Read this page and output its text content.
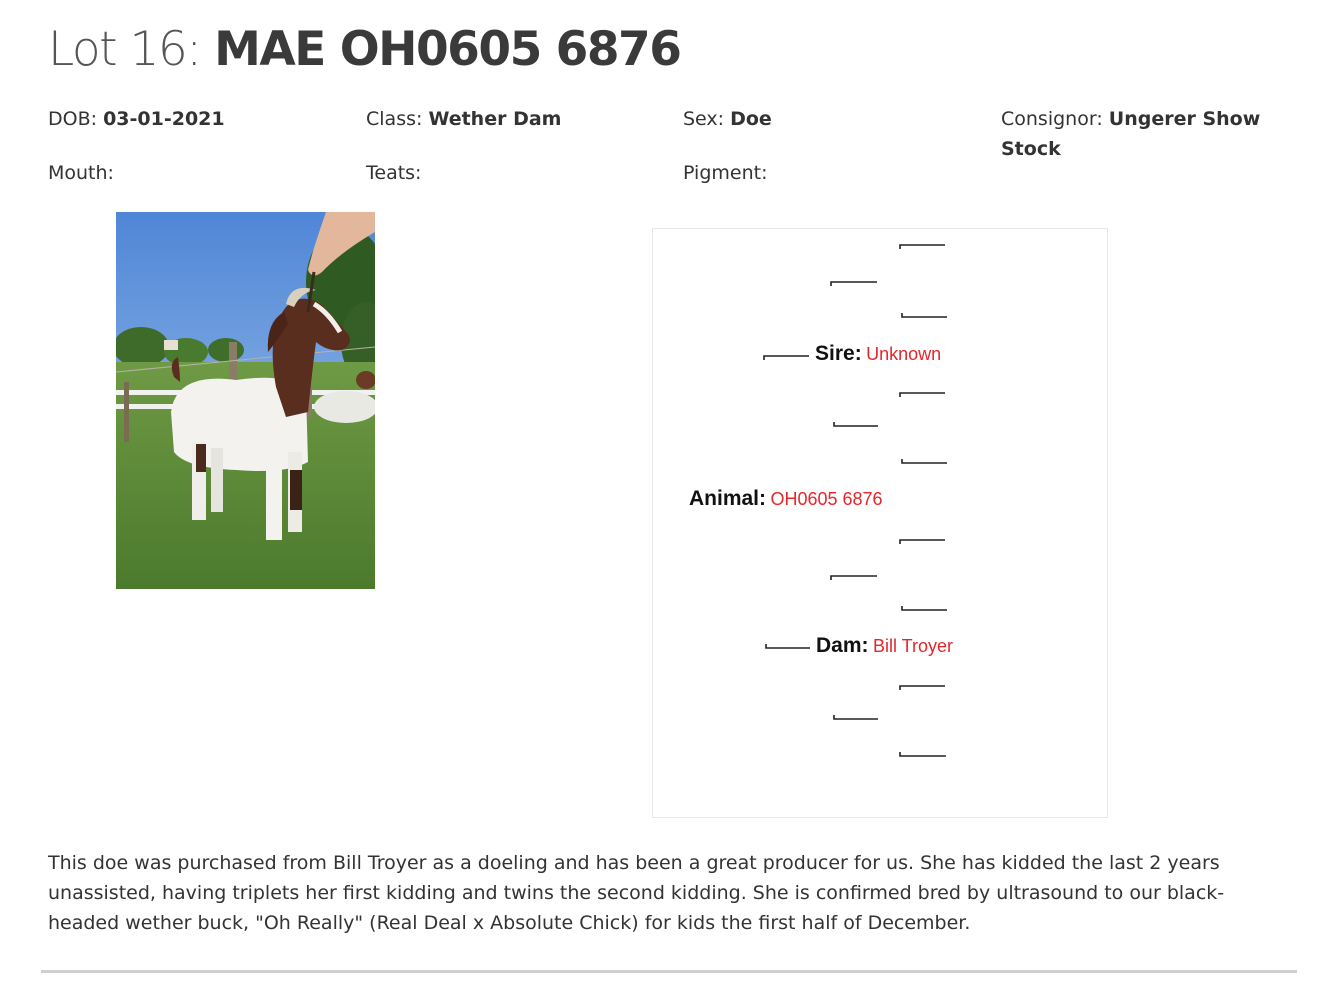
Lot 16: MAE OH0605 6876
DOB: 03-01-2021	Class: Wether Dam	Sex: Doe	Consignor: Ungerer Show Stock
Mouth:	Teats:	Pigment:
Sire: Unknown
Animal: OH0605 6876
Dam: Bill Troyer
This doe was purchased from Bill Troyer as a doeling and has been a great producer for us. She has kidded the last 2 years unassisted, having triplets her first kidding and twins the second kidding. She is confirmed bred by ultrasound to our black-headed wether buck, "Oh Really" (Real Deal x Absolute Chick) for kids the first half of December.
